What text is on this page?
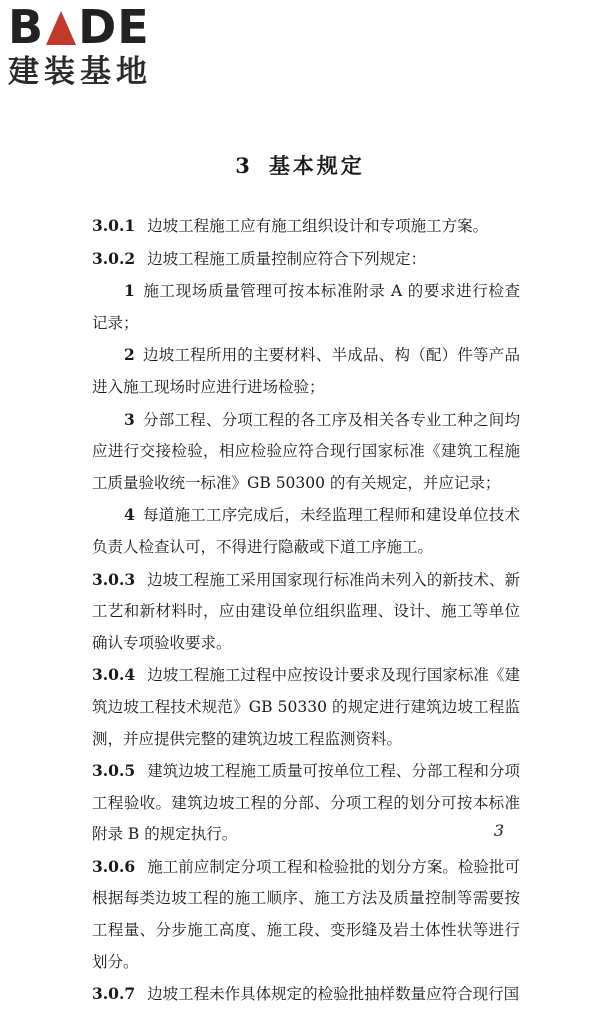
B DE
建装基地
3 基本规定

3.0.1 边坡工程施工应有施工组织设计和专项施工方案。

3.0.2 边坡工程施工质量控制应符合下列规定：

1 施工现场质量管理可按本标准附录 A 的要求进行检查记录；

2 边坡工程所用的主要材料、半成品、构（配）件等产品进入施工现场时应进行进场检验；

3 分部工程、分项工程的各工序及相关各专业工种之间均应进行交接检验，相应检验应符合现行国家标准《建筑工程施工质量验收统一标准》GB 50300 的有关规定，并应记录；

4 每道施工工序完成后，未经监理工程师和建设单位技术负责人检查认可，不得进行隐蔽或下道工序施工。

3.0.3 边坡工程施工采用国家现行标准尚未列入的新技术、新工艺和新材料时，应由建设单位组织监理、设计、施工等单位确认专项验收要求。

3.0.4 边坡工程施工过程中应按设计要求及现行国家标准《建筑边坡工程技术规范》GB 50330 的规定进行建筑边坡工程监测，并应提供完整的建筑边坡工程监测资料。

3.0.5 建筑边坡工程施工质量可按单位工程、分部工程和分项工程验收。建筑边坡工程的分部、分项工程的划分可按本标准附录 B 的规定执行。

3.0.6 施工前应制定分项工程和检验批的划分方案。检验批可根据每类边坡工程的施工顺序、施工方法及质量控制等需要按工程量、分步施工高度、施工段、变形缝及岩土体性状等进行划分。

3.0.7 边坡工程未作具体规定的检验批抽样数量应符合现行国

3
